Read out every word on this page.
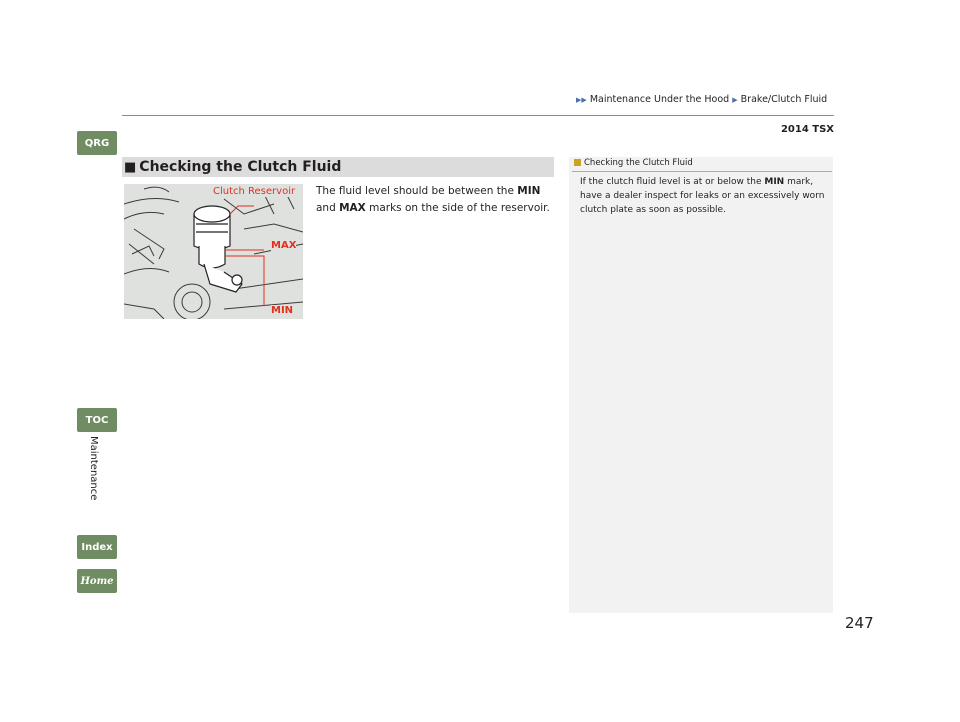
▶▶ Maintenance Under the Hood ▶ Brake/Clutch Fluid
2014 TSX
QRG
TOC
Maintenance
Index
Home
■ Checking the Clutch Fluid
Clutch Reservoir
MAX
MIN
The fluid level should be between the MIN and MAX marks on the side of the reservoir.
Checking the Clutch Fluid
If the clutch fluid level is at or below the MIN mark, have a dealer inspect for leaks or an excessively worn clutch plate as soon as possible.
247
